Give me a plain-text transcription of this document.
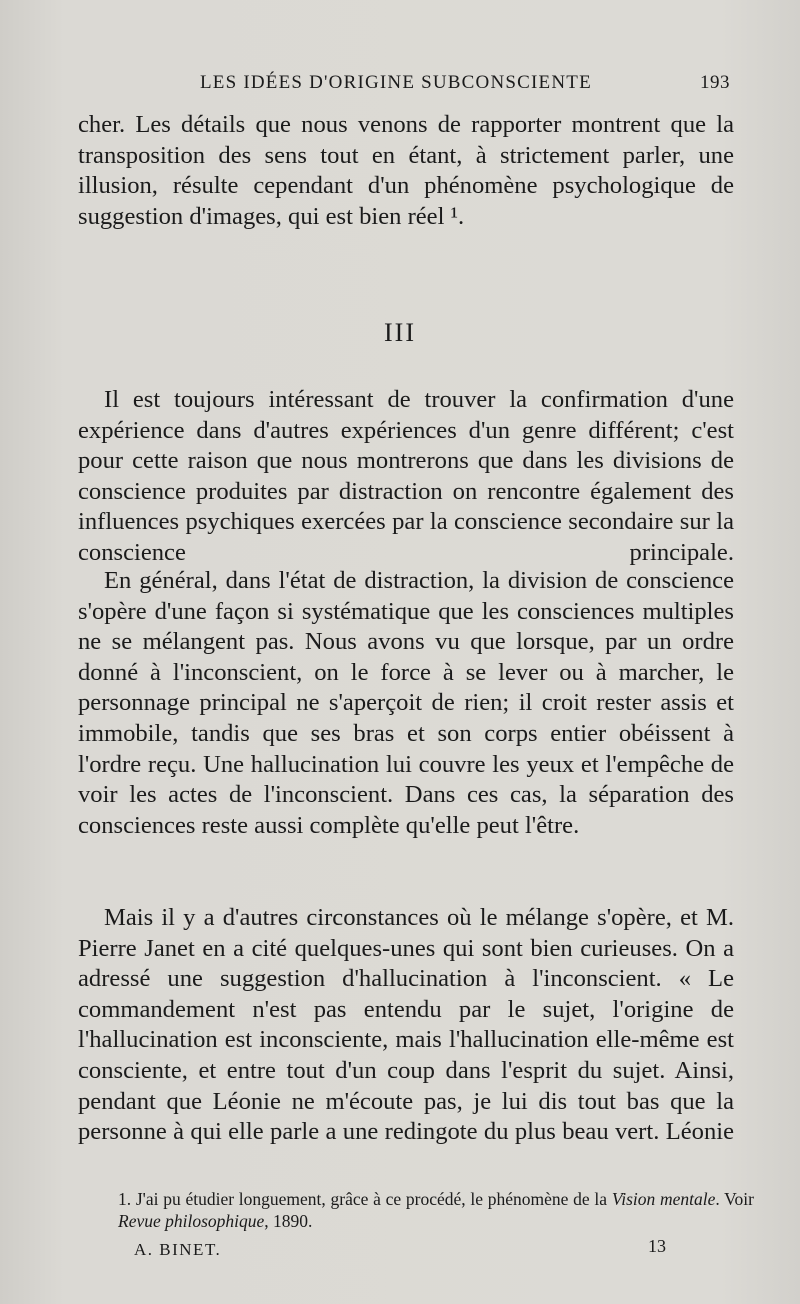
LES IDÉES D'ORIGINE SUBCONSCIENTE	193
cher. Les détails que nous venons de rapporter montrent que la transposition des sens tout en étant, à strictement parler, une illusion, résulte cependant d'un phénomène psychologique de suggestion d'images, qui est bien réel ¹.
III
Il est toujours intéressant de trouver la confirmation d'une expérience dans d'autres expériences d'un genre différent; c'est pour cette raison que nous montrerons que dans les divisions de conscience produites par distraction on rencontre également des influences psychiques exercées par la conscience secondaire sur la conscience principale.
En général, dans l'état de distraction, la division de conscience s'opère d'une façon si systématique que les consciences multiples ne se mélangent pas. Nous avons vu que lorsque, par un ordre donné à l'inconscient, on le force à se lever ou à marcher, le personnage principal ne s'aperçoit de rien; il croit rester assis et immobile, tandis que ses bras et son corps entier obéissent à l'ordre reçu. Une hallucination lui couvre les yeux et l'empêche de voir les actes de l'inconscient. Dans ces cas, la séparation des consciences reste aussi complète qu'elle peut l'être.
Mais il y a d'autres circonstances où le mélange s'opère, et M. Pierre Janet en a cité quelques-unes qui sont bien curieuses. On a adressé une suggestion d'hallucination à l'inconscient. « Le commandement n'est pas entendu par le sujet, l'origine de l'hallucination est inconsciente, mais l'hallucination elle-même est consciente, et entre tout d'un coup dans l'esprit du sujet. Ainsi, pendant que Léonie ne m'écoute pas, je lui dis tout bas que la personne à qui elle parle a une redingote du plus beau vert. Léonie
1. J'ai pu étudier longuement, grâce à ce procédé, le phénomène de la Vision mentale. Voir Revue philosophique, 1890.
A. BINET.	13
